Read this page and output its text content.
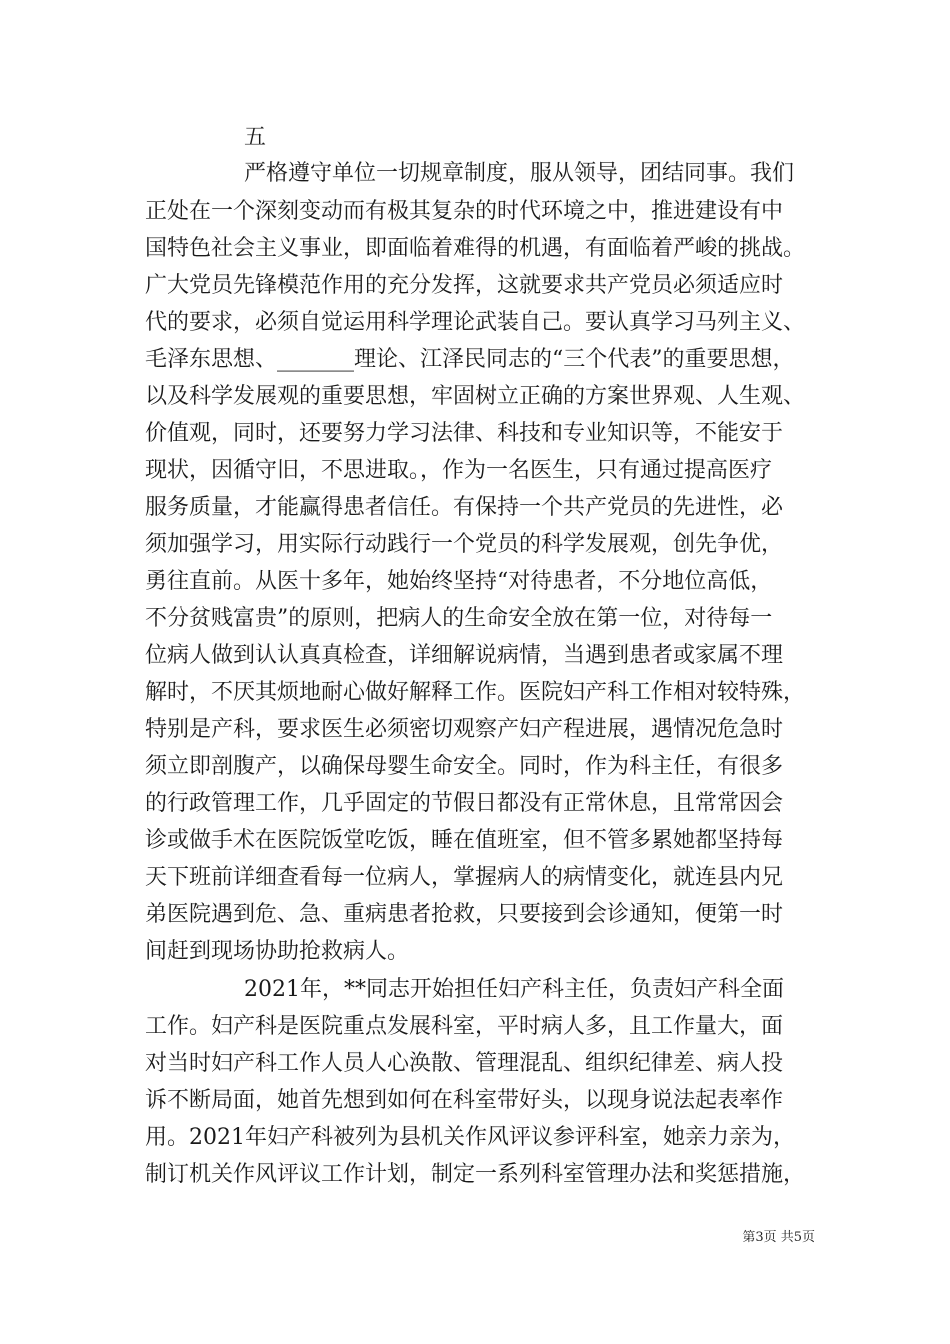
五

严格遵守单位一切规章制度，服从领导，团结同事。我们

正处在一个深刻变动而有极其复杂的时代环境之中，推进建设有中

国特色社会主义事业，即面临着难得的机遇，有面临着严峻的挑战。

广大党员先锋模范作用的充分发挥，这就要求共产党员必须适应时

代的要求，必须自觉运用科学理论武装自己。要认真学习马列主义、

毛泽东思想、_______理论、江泽民同志的“三个代表”的重要思想，

以及科学发展观的重要思想，牢固树立正确的方案世界观、人生观、

价值观，同时，还要努力学习法律、科技和专业知识等，不能安于

现状，因循守旧，不思进取。，作为一名医生，只有通过提高医疗

服务质量，才能赢得患者信任。有保持一个共产党员的先进性，必

须加强学习，用实际行动践行一个党员的科学发展观，创先争优，

勇往直前。从医十多年，她始终坚持“对待患者，不分地位高低，

不分贫贱富贵”的原则，把病人的生命安全放在第一位，对待每一

位病人做到认认真真检查，详细解说病情，当遇到患者或家属不理

解时，不厌其烦地耐心做好解释工作。医院妇产科工作相对较特殊，

特别是产科，要求医生必须密切观察产妇产程进展，遇情况危急时

须立即剖腹产，以确保母婴生命安全。同时，作为科主任，有很多

的行政管理工作，几乎固定的节假日都没有正常休息，且常常因会

诊或做手术在医院饭堂吃饭，睡在值班室，但不管多累她都坚持每

天下班前详细查看每一位病人，掌握病人的病情变化，就连县内兄

弟医院遇到危、急、重病患者抢救，只要接到会诊通知，便第一时

间赶到现场协助抢救病人。

2021年，**同志开始担任妇产科主任，负责妇产科全面

工作。妇产科是医院重点发展科室，平时病人多，且工作量大，面

对当时妇产科工作人员人心涣散、管理混乱、组织纪律差、病人投

诉不断局面，她首先想到如何在科室带好头，以现身说法起表率作

用。2021年妇产科被列为县机关作风评议参评科室，她亲力亲为，

制订机关作风评议工作计划，制定一系列科室管理办法和奖惩措施，

第3页 共5页
